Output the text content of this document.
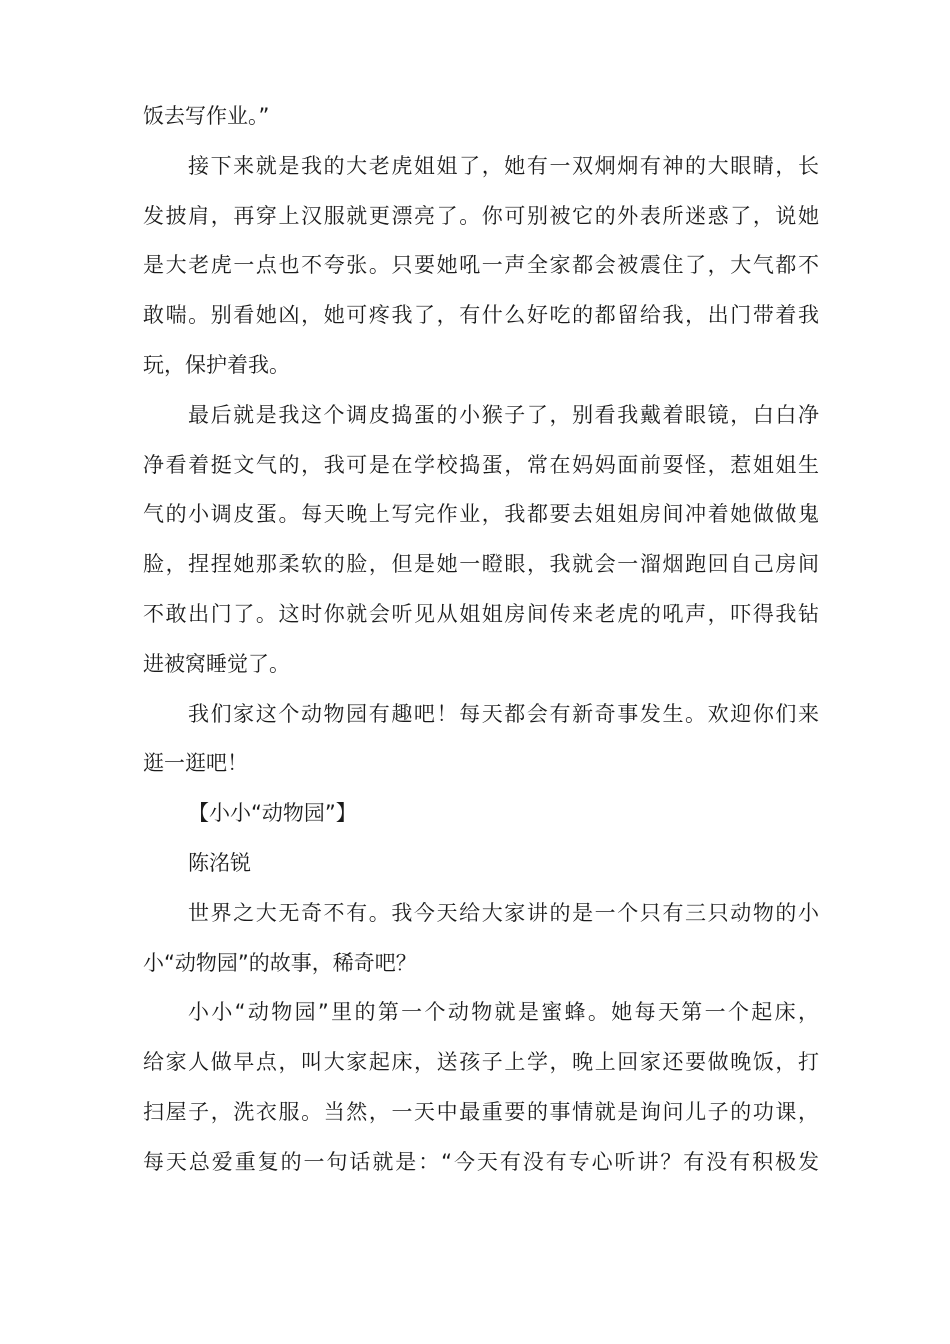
饭去写作业。”
接下来就是我的大老虎姐姐了，她有一双炯炯有神的大眼睛，长
发披肩，再穿上汉服就更漂亮了。你可别被它的外表所迷惑了，说她
是大老虎一点也不夸张。只要她吼一声全家都会被震住了，大气都不
敢喘。别看她凶，她可疼我了，有什么好吃的都留给我，出门带着我
玩，保护着我。
最后就是我这个调皮捣蛋的小猴子了，别看我戴着眼镜，白白净
净看着挺文气的，我可是在学校捣蛋，常在妈妈面前耍怪，惹姐姐生
气的小调皮蛋。每天晚上写完作业，我都要去姐姐房间冲着她做做鬼
脸，捏捏她那柔软的脸，但是她一瞪眼，我就会一溜烟跑回自己房间
不敢出门了。这时你就会听见从姐姐房间传来老虎的吼声，吓得我钻
进被窝睡觉了。
我们家这个动物园有趣吧！每天都会有新奇事发生。欢迎你们来
逛一逛吧！
【小小“动物园”】
陈洺锐
世界之大无奇不有。我今天给大家讲的是一个只有三只动物的小
小“动物园”的故事，稀奇吧？
小小“动物园”里的第一个动物就是蜜蜂。她每天第一个起床，
给家人做早点，叫大家起床，送孩子上学，晚上回家还要做晚饭，打
扫屋子，洗衣服。当然，一天中最重要的事情就是询问儿子的功课，
每天总爱重复的一句话就是：“今天有没有专心听讲？有没有积极发
